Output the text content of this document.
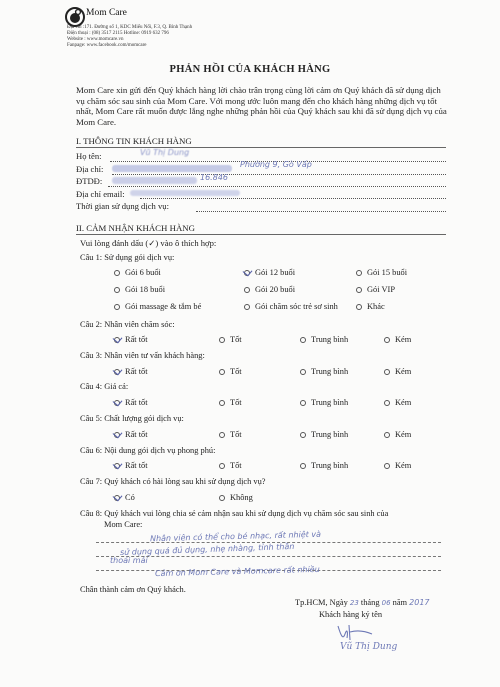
Mom Care
Địa chỉ :171. Đường số 1, KDC Miếu Nổi, F.3, Q. Bình Thạnh
Điện thoại : (08) 3517 2115 Hotline: 0919 632 796
Website : www.momcare.vn
Fanpage: www.facebook.com/momcare
PHẢN HỒI CỦA KHÁCH HÀNG
Mom Care xin gửi đến Quý khách hàng lời chào trân trọng cùng lời cảm ơn Quý khách đã sử dụng dịch vụ chăm sóc sau sinh của Mom Care. Với mong ước luôn mang đến cho khách hàng những dịch vụ tốt nhất, Mom Care rất muốn được lắng nghe những phản hồi của Quý khách sau khi đã sử dụng dịch vụ của Mom Care.
I. THÔNG TIN KHÁCH HÀNG
Họ tên:	Vũ Thị Dung
Địa chỉ:	Phường 9, Gò Vấp
ĐTDĐ:	16.846
Địa chỉ email:
Thời gian sử dụng dịch vụ:
II. CẢM NHẬN KHÁCH HÀNG
Vui lòng đánh dấu (✓) vào ô thích hợp:
Câu 1: Sử dụng gói dịch vụ:
Gói 6 buổi	Gói 12 buổi	Gói 15 buổi
Gói 18 buổi	Gói 20 buổi	Gói VIP
Gói massage & tắm bé	Gói chăm sóc trẻ sơ sinh	Khác
Câu 2: Nhân viên chăm sóc:
Rất tốt	Tốt	Trung bình	Kém
Câu 3: Nhân viên tư vấn khách hàng:
Rất tốt	Tốt	Trung bình	Kém
Câu 4: Giá cả:
Rất tốt	Tốt	Trung bình	Kém
Câu 5: Chất lượng gói dịch vụ:
Rất tốt	Tốt	Trung bình	Kém
Câu 6: Nội dung gói dịch vụ phong phú:
Rất tốt	Tốt	Trung bình	Kém
Câu 7: Quý khách có hài lòng sau khi sử dụng dịch vụ?
Có	Không
Câu 8: Quý khách vui lòng chia sẻ cảm nhận sau khi sử dụng dịch vụ chăm sóc sau sinh của
Mom Care:
Nhân viên có thể cho bé nhạc, rất nhiệt và
sử dụng quá đủ dụng, nhẹ nhàng, tỉnh thần
thoải mái
Cảm ơn Mom Care và Momcare rất nhiều
Chân thành cảm ơn Quý khách.
Tp.HCM, Ngày 23 tháng 06 năm 2017
Khách hàng ký tên
Vũ Thị Dung
